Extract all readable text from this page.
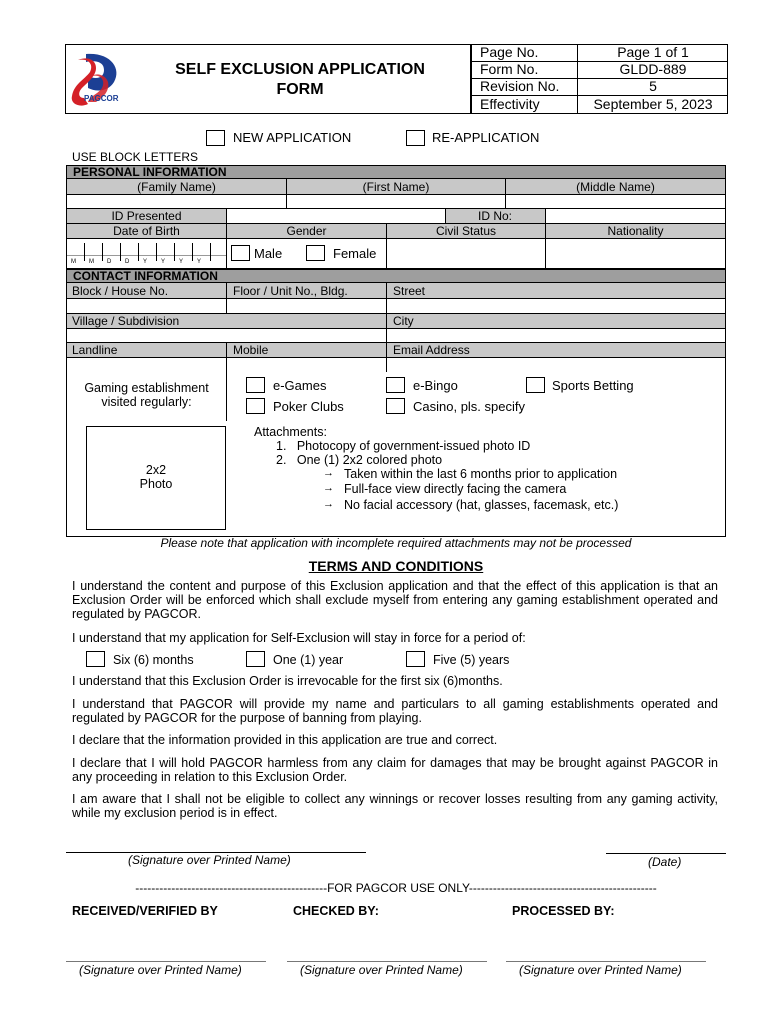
PAGCOR
SELF EXCLUSION APPLICATION
FORM
Page No.	Page 1 of 1
Form No.	GLDD-889
Revision No.	5
Effectivity	September 5, 2023
NEW APPLICATION	RE-APPLICATION
USE BLOCK LETTERS
PERSONAL INFORMATION
(Family Name)	(First Name)	(Middle Name)
ID Presented	ID No:
Date of Birth	Gender	Civil Status	Nationality
M M D D Y Y Y Y
Male	Female
CONTACT INFORMATION
Block / House No.	Floor / Unit No., Bldg.	Street
Village / Subdivision	City
Landline	Mobile	Email Address
Gaming establishment
visited regularly:
e-Games	e-Bingo	Sports Betting
Poker Clubs	Casino, pls. specify
2x2
Photo
Attachments:
1.   Photocopy of government-issued photo ID
2.   One (1) 2x2 colored photo
→ Taken within the last 6 months prior to application
→ Full-face view directly facing the camera
→ No facial accessory (hat, glasses, facemask, etc.)
Please note that application with incomplete required attachments may not be processed
TERMS AND CONDITIONS
I understand the content and purpose of this Exclusion application and that the effect of this application is that an Exclusion Order will be enforced which shall exclude myself from entering any gaming establishment operated and regulated by PAGCOR.
I understand that my application for Self-Exclusion will stay in force for a period of:
Six (6) months	One (1) year	Five (5) years
I understand that this Exclusion Order is irrevocable for the first six (6)months.
I understand that PAGCOR will provide my name and particulars to all gaming establishments operated and regulated by PAGCOR for the purpose of banning from playing.
I declare that the information provided in this application are true and correct.
I declare that I will hold PAGCOR harmless from any claim for damages that may be brought against PAGCOR in any proceeding in relation to this Exclusion Order.
I am aware that I shall not be eligible to collect any winnings or recover losses resulting from any gaming activity, while my exclusion period is in effect.
(Signature over Printed Name)	(Date)
------------------------------------------------FOR PAGCOR USE ONLY-----------------------------------------------
RECEIVED/VERIFIED BY	CHECKED BY:	PROCESSED BY:
(Signature over Printed Name)	(Signature over Printed Name)	(Signature over Printed Name)
